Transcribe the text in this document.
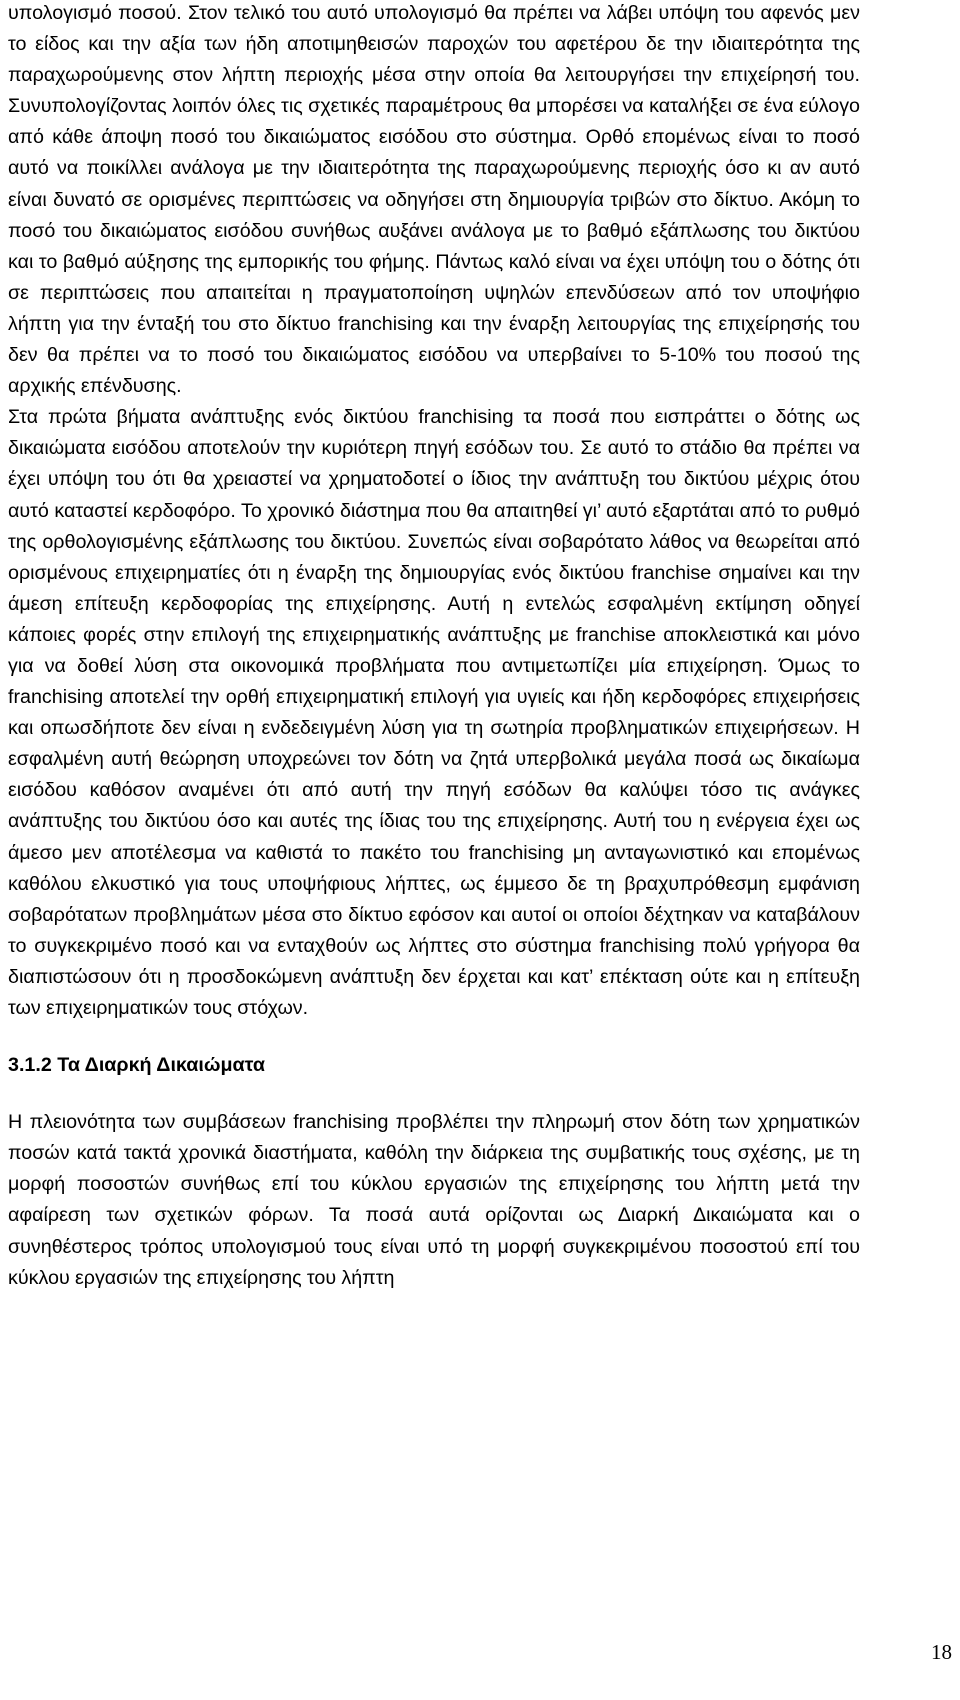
υπολογισμό ποσού. Στον τελικό του αυτό υπολογισμό θα πρέπει να λάβει υπόψη του αφενός μεν το είδος και την αξία των ήδη αποτιμηθεισών παροχών του αφετέρου δε την ιδιαιτερότητα της παραχωρούμενης στον λήπτη περιοχής μέσα στην οποία θα λειτουργήσει την επιχείρησή του. Συνυπολογίζοντας λοιπόν όλες τις σχετικές παραμέτρους θα μπορέσει να καταλήξει σε ένα εύλογο από κάθε άποψη ποσό του δικαιώματος εισόδου στο σύστημα. Ορθό επομένως είναι το ποσό αυτό να ποικίλλει ανάλογα με την ιδιαιτερότητα της παραχωρούμενης περιοχής όσο κι αν αυτό είναι δυνατό σε ορισμένες περιπτώσεις να οδηγήσει στη δημιουργία τριβών στο δίκτυο. Ακόμη το ποσό του δικαιώματος εισόδου συνήθως αυξάνει ανάλογα με το βαθμό εξάπλωσης του δικτύου και το βαθμό αύξησης της εμπορικής του φήμης. Πάντως καλό είναι να έχει υπόψη του ο δότης ότι σε περιπτώσεις που απαιτείται η πραγματοποίηση υψηλών επενδύσεων από τον υποψήφιο λήπτη για την ένταξή του στο δίκτυο franchising και την έναρξη λειτουργίας της επιχείρησής του δεν θα πρέπει να το ποσό του δικαιώματος εισόδου να υπερβαίνει το 5-10% του ποσού της αρχικής επένδυσης.

Στα πρώτα βήματα ανάπτυξης ενός δικτύου franchising τα ποσά που εισπράττει ο δότης ως δικαιώματα εισόδου αποτελούν την κυριότερη πηγή εσόδων του. Σε αυτό το στάδιο θα πρέπει να έχει υπόψη του ότι θα χρειαστεί να χρηματοδοτεί ο ίδιος την ανάπτυξη του δικτύου μέχρις ότου αυτό καταστεί κερδοφόρο. Το χρονικό διάστημα που θα απαιτηθεί γι’ αυτό εξαρτάται από το ρυθμό της ορθολογισμένης εξάπλωσης του δικτύου. Συνεπώς είναι σοβαρότατο λάθος να θεωρείται από ορισμένους επιχειρηματίες ότι η έναρξη της δημιουργίας ενός δικτύου franchise σημαίνει και την άμεση επίτευξη κερδοφορίας της επιχείρησης. Αυτή η εντελώς εσφαλμένη εκτίμηση οδηγεί κάποιες φορές στην επιλογή της επιχειρηματικής ανάπτυξης με franchise αποκλειστικά και μόνο για να δοθεί λύση στα οικονομικά προβλήματα που αντιμετωπίζει μία επιχείρηση. Όμως το franchising αποτελεί την ορθή επιχειρηματική επιλογή για υγιείς και ήδη κερδοφόρες επιχειρήσεις και οπωσδήποτε δεν είναι η ενδεδειγμένη λύση για τη σωτηρία προβληματικών επιχειρήσεων. Η εσφαλμένη αυτή θεώρηση υποχρεώνει τον δότη να ζητά υπερβολικά μεγάλα ποσά ως δικαίωμα εισόδου καθόσον αναμένει ότι από αυτή την πηγή εσόδων θα καλύψει τόσο τις ανάγκες ανάπτυξης του δικτύου όσο και αυτές της ίδιας του της επιχείρησης. Αυτή του η ενέργεια έχει ως άμεσο μεν αποτέλεσμα να καθιστά το πακέτο του franchising μη ανταγωνιστικό και επομένως καθόλου ελκυστικό για τους υποψήφιους λήπτες, ως έμμεσο δε τη βραχυπρόθεσμη εμφάνιση σοβαρότατων προβλημάτων μέσα στο δίκτυο εφόσον και αυτοί οι οποίοι δέχτηκαν να καταβάλουν το συγκεκριμένο ποσό και να ενταχθούν ως λήπτες στο σύστημα franchising πολύ γρήγορα θα διαπιστώσουν ότι η προσδοκώμενη ανάπτυξη δεν έρχεται και κατ’ επέκταση ούτε και η επίτευξη των επιχειρηματικών τους στόχων.

3.1.2 Τα Διαρκή Δικαιώματα

Η πλειονότητα των συμβάσεων franchising προβλέπει την πληρωμή στον δότη των χρηματικών ποσών κατά τακτά χρονικά διαστήματα, καθόλη την διάρκεια της συμβατικής τους σχέσης, με τη μορφή ποσοστών συνήθως επί του κύκλου εργασιών της επιχείρησης του λήπτη μετά την αφαίρεση των σχετικών φόρων. Τα ποσά αυτά ορίζονται ως Διαρκή Δικαιώματα και ο συνηθέστερος τρόπος υπολογισμού τους είναι υπό τη μορφή συγκεκριμένου ποσοστού επί του κύκλου εργασιών της επιχείρησης του λήπτη

18
